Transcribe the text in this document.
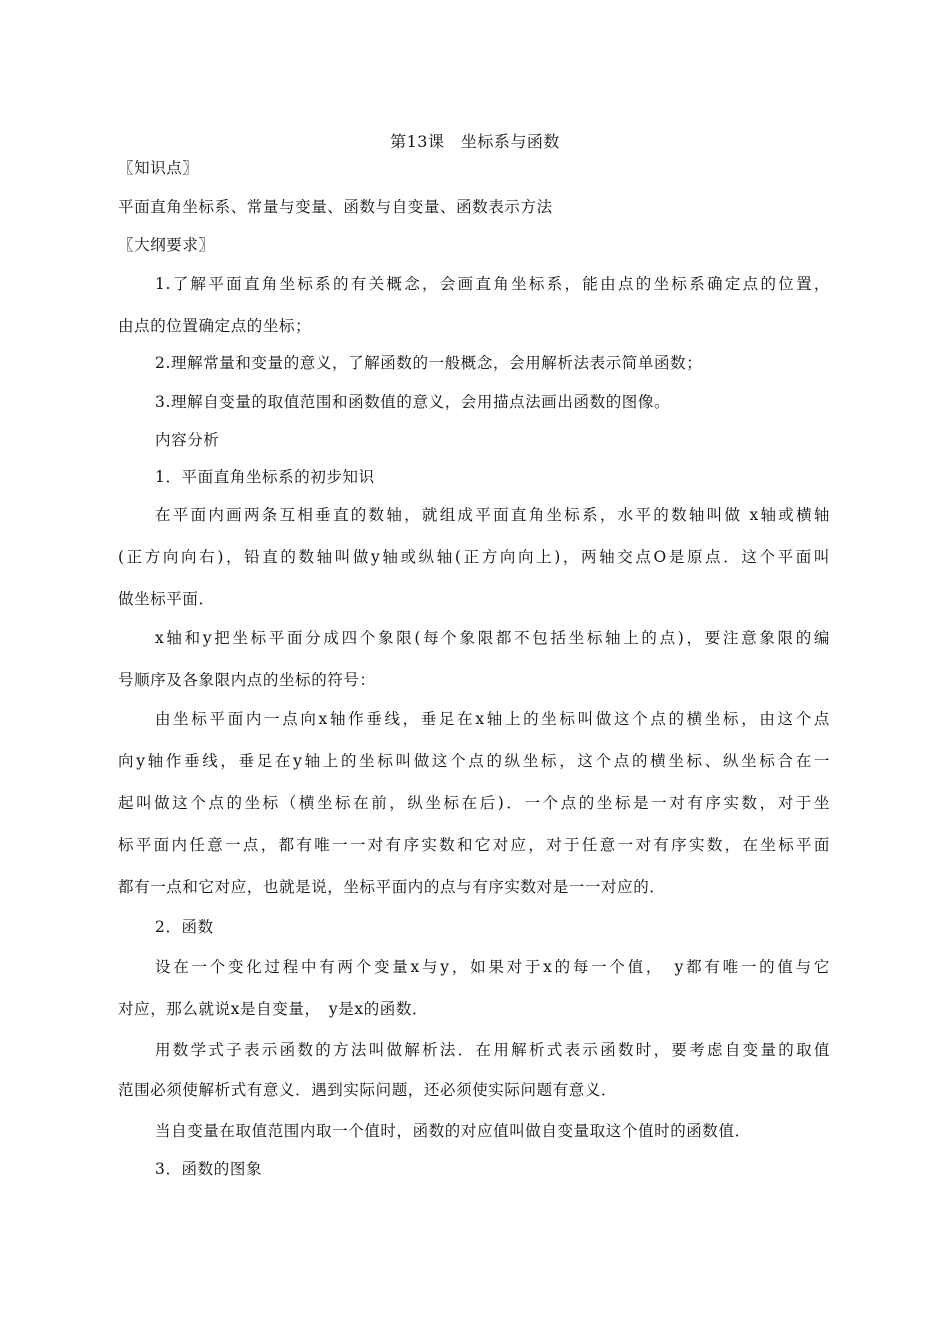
第13课　坐标系与函数
〖知识点〗
平面直角坐标系、常量与变量、函数与自变量、函数表示方法
〖大纲要求〗
1.了解平面直角坐标系的有关概念，会画直角坐标系，能由点的坐标系确定点的位置，
由点的位置确定点的坐标；
2.理解常量和变量的意义，了解函数的一般概念，会用解析法表示简单函数；
3.理解自变量的取值范围和函数值的意义，会用描点法画出函数的图像。
内容分析
1．平面直角坐标系的初步知识
在平面内画两条互相垂直的数轴，就组成平面直角坐标系，水平的数轴叫做 x轴或横轴
(正方向向右)，铅直的数轴叫做y轴或纵轴(正方向向上)，两轴交点O是原点．这个平面叫
做坐标平面．
x轴和y把坐标平面分成四个象限(每个象限都不包括坐标轴上的点)，要注意象限的编
号顺序及各象限内点的坐标的符号：
由坐标平面内一点向x轴作垂线，垂足在x轴上的坐标叫做这个点的横坐标，由这个点
向y轴作垂线，垂足在y轴上的坐标叫做这个点的纵坐标，这个点的横坐标、纵坐标合在一
起叫做这个点的坐标（横坐标在前，纵坐标在后)．一个点的坐标是一对有序实数，对于坐
标平面内任意一点，都有唯一一对有序实数和它对应，对于任意一对有序实数，在坐标平面
都有一点和它对应，也就是说，坐标平面内的点与有序实数对是一一对应的．
2．函数
设在一个变化过程中有两个变量x与y，如果对于x的每一个值，　y都有唯一的值与它
对应，那么就说x是自变量，　y是x的函数．
用数学式子表示函数的方法叫做解析法．在用解析式表示函数时，要考虑自变量的取值
范围必须使解析式有意义．遇到实际问题，还必须使实际问题有意义．
当自变量在取值范围内取一个值时，函数的对应值叫做自变量取这个值时的函数值．
3．函数的图象
